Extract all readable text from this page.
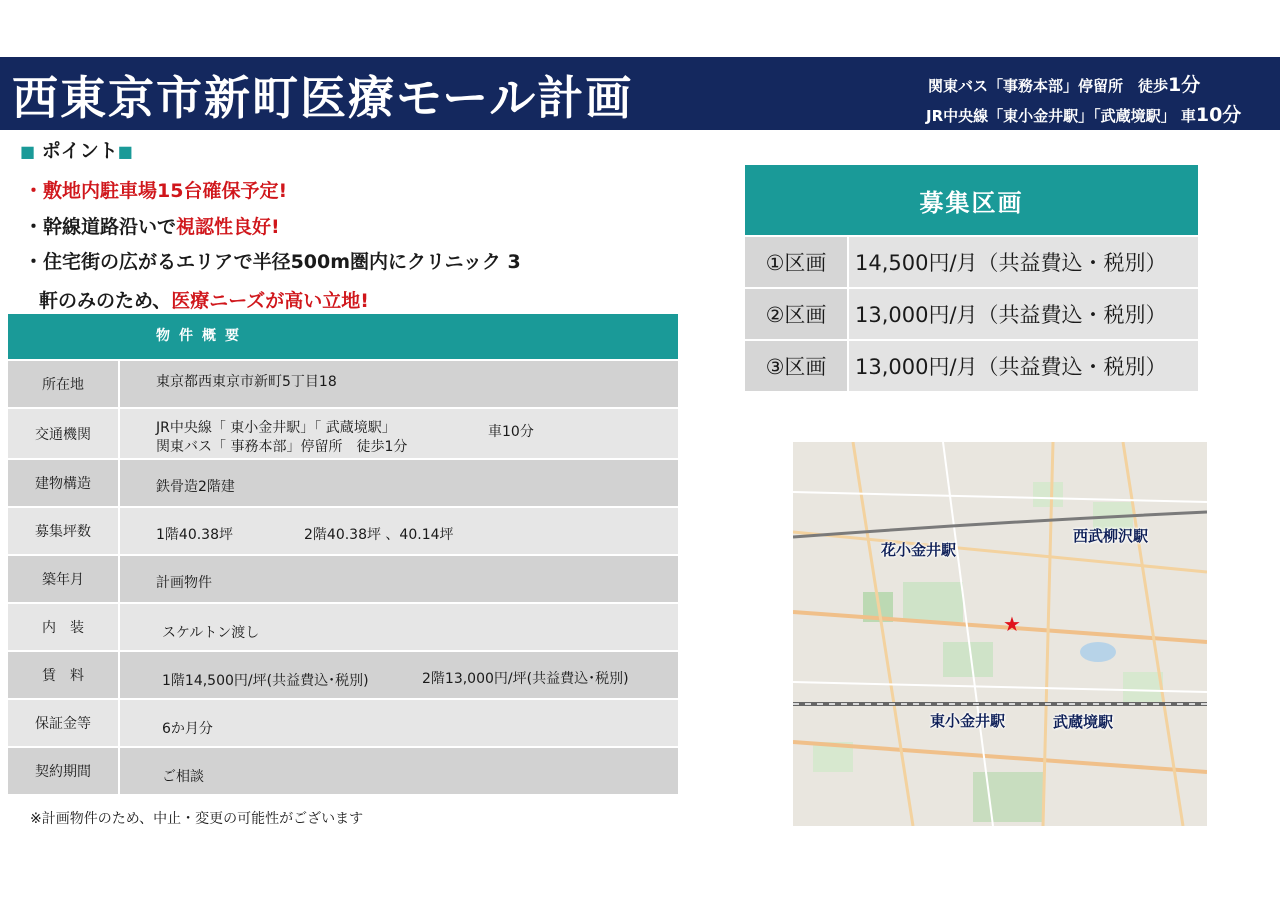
西東京市新町医療モール計画	関東バス「事務本部」停留所　徒歩1分
JR中央線「東小金井駅」「武蔵境駅」 車10分
■ ポイント■
・敷地内駐車場15台確保予定!
・幹線道路沿いで視認性良好!
・住宅街の広がるエリアで半径500m圏内にクリニック 3
軒のみのため、医療ニーズが高い立地!
物件概要
所在地	東京都西東京市新町5丁目18
交通機関	JR中央線「 東小金井駅」「 武蔵境駅」	車10分
関東バス「 事務本部」停留所　徒歩1分
建物構造	鉄骨造2階建
募集坪数	1階40.38坪	2階40.38坪 、40.14坪
築年月	計画物件
内　装	スケルトン渡し
賃　料	1階14,500円/坪(共益費込･税別)	2階13,000円/坪(共益費込･税別)
保証金等	6か月分
契約期間	ご相談
※計画物件のため、中止・変更の可能性がございます
募集区画
①区画	14,500円/月（共益費込・税別）
②区画	13,000円/月（共益費込・税別）
③区画	13,000円/月（共益費込・税別）
花小金井駅
西武柳沢駅
東小金井駅	武蔵境駅
★
